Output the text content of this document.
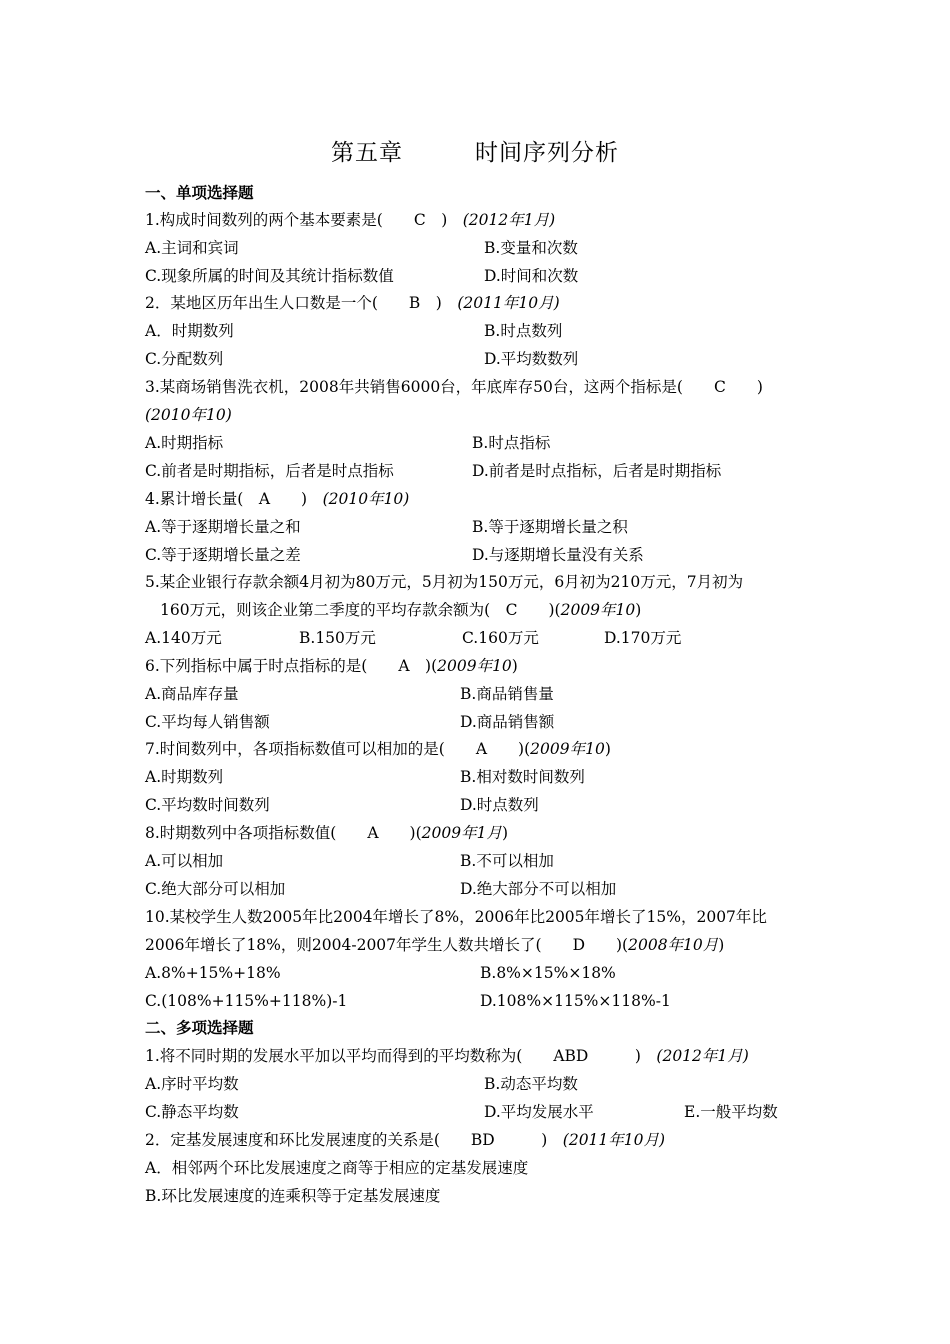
第五章	时间序列分析
一、单项选择题
1.构成时间数列的两个基本要素是(　　C　)　(2012年1月)
A.主词和宾词	B.变量和次数
C.现象所属的时间及其统计指标数值	D.时间和次数
2．某地区历年出生人口数是一个(　　B　)　(2011年10月)
A．时期数列	B.时点数列
C.分配数列	D.平均数数列
3.某商场销售洗衣机，2008年共销售6000台，年底库存50台，这两个指标是(　　C　　)
(2010年10)
A.时期指标	B.时点指标
C.前者是时期指标，后者是时点指标	D.前者是时点指标，后者是时期指标
4.累计增长量(　A　　)　(2010年10)
A.等于逐期增长量之和	B.等于逐期增长量之积
C.等于逐期增长量之差	D.与逐期增长量没有关系
5.某企业银行存款余额4月初为80万元，5月初为150万元，6月初为210万元，7月初为
160万元，则该企业第二季度的平均存款余额为(　C　　)(2009年10)
A.140万元	B.150万元	C.160万元	D.170万元
6.下列指标中属于时点指标的是(　　A　)(2009年10)
A.商品库存量	B.商品销售量
C.平均每人销售额	D.商品销售额
7.时间数列中，各项指标数值可以相加的是(　　A　　)(2009年10)
A.时期数列	B.相对数时间数列
C.平均数时间数列	D.时点数列
8.时期数列中各项指标数值(　　A　　)(2009年1月)
A.可以相加	B.不可以相加
C.绝大部分可以相加	D.绝大部分不可以相加
10.某校学生人数2005年比2004年增长了8%，2006年比2005年增长了15%，2007年比
2006年增长了18%，则2004-2007年学生人数共增长了(　　D　　)(2008年10月)
A.8%+15%+18%	B.8%×15%×18%
C.(108%+115%+118%)-1	D.108%×115%×118%-1
二、多项选择题
1.将不同时期的发展水平加以平均而得到的平均数称为(　　ABD　　　)　(2012年1月)
A.序时平均数	B.动态平均数
C.静态平均数	D.平均发展水平	E.一般平均数
2．定基发展速度和环比发展速度的关系是(　　BD　　　)　(2011年10月)
A．相邻两个环比发展速度之商等于相应的定基发展速度
B.环比发展速度的连乘积等于定基发展速度
